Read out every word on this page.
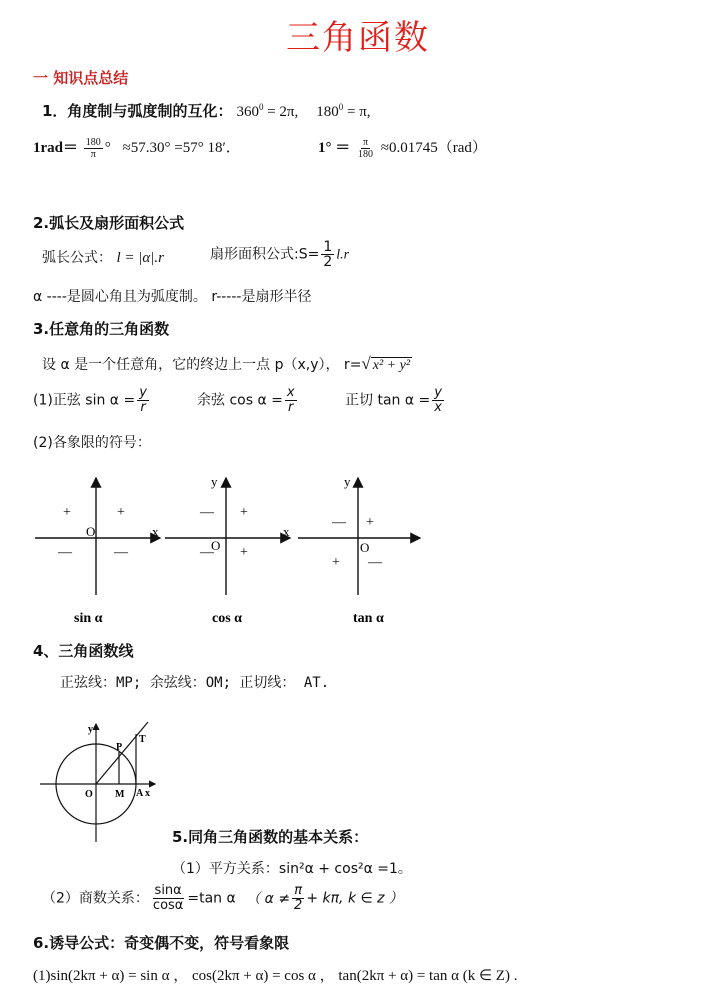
三角函数
一 知识点总结
1．角度制与弧度制的互化： $360^0 = 2\pi$, $180^0 = \pi$,
$1rad= \frac{180}{\pi}$ ° ≈57.30° =57° 18′．	$1^\circ = \frac{\pi}{180} \approx 0.01745(rad)$
2.弧长及扇形面积公式
弧长公式： l = |α|.r	扇形面积公式:S= $\frac{1}{2} l.r$
α ----是圆心角且为弧度制。 r-----是扇形半径
3.任意角的三角函数
设 α 是一个任意角，它的终边上一点 p（x,y）， r=√ x² + y²
(1)正弦 $\sin \alpha = \frac{y}{r}$	余弦 $\cos \alpha = \frac{x}{r}$	正切 $\tan \alpha = \frac{y}{x}$
(2)各象限的符号：
x
O
+	+
—	—
x
y
O
— +
— +
y
O
— +
+ —
sin α	cos α	tan α
4、三角函数线
正弦线：MP; 余弦线：OM; 正切线： AT.
y
P
T
O M A x
5.同角三角函数的基本关系：
（1）平方关系：sin²α + cos²α =1。
（2）商数关系： $\frac{\sin\alpha}{\cos\alpha} =\tan$ α （ $\alpha \ne \frac{\pi}{2} + k\pi$, k ∈ z ）
6.诱导公式：奇变偶不变，符号看象限
(1)sin(2kπ + α) = sin α ， cos(2kπ + α) = cos α ， tan(2kπ + α) = tan α (k ∈ Z) .
